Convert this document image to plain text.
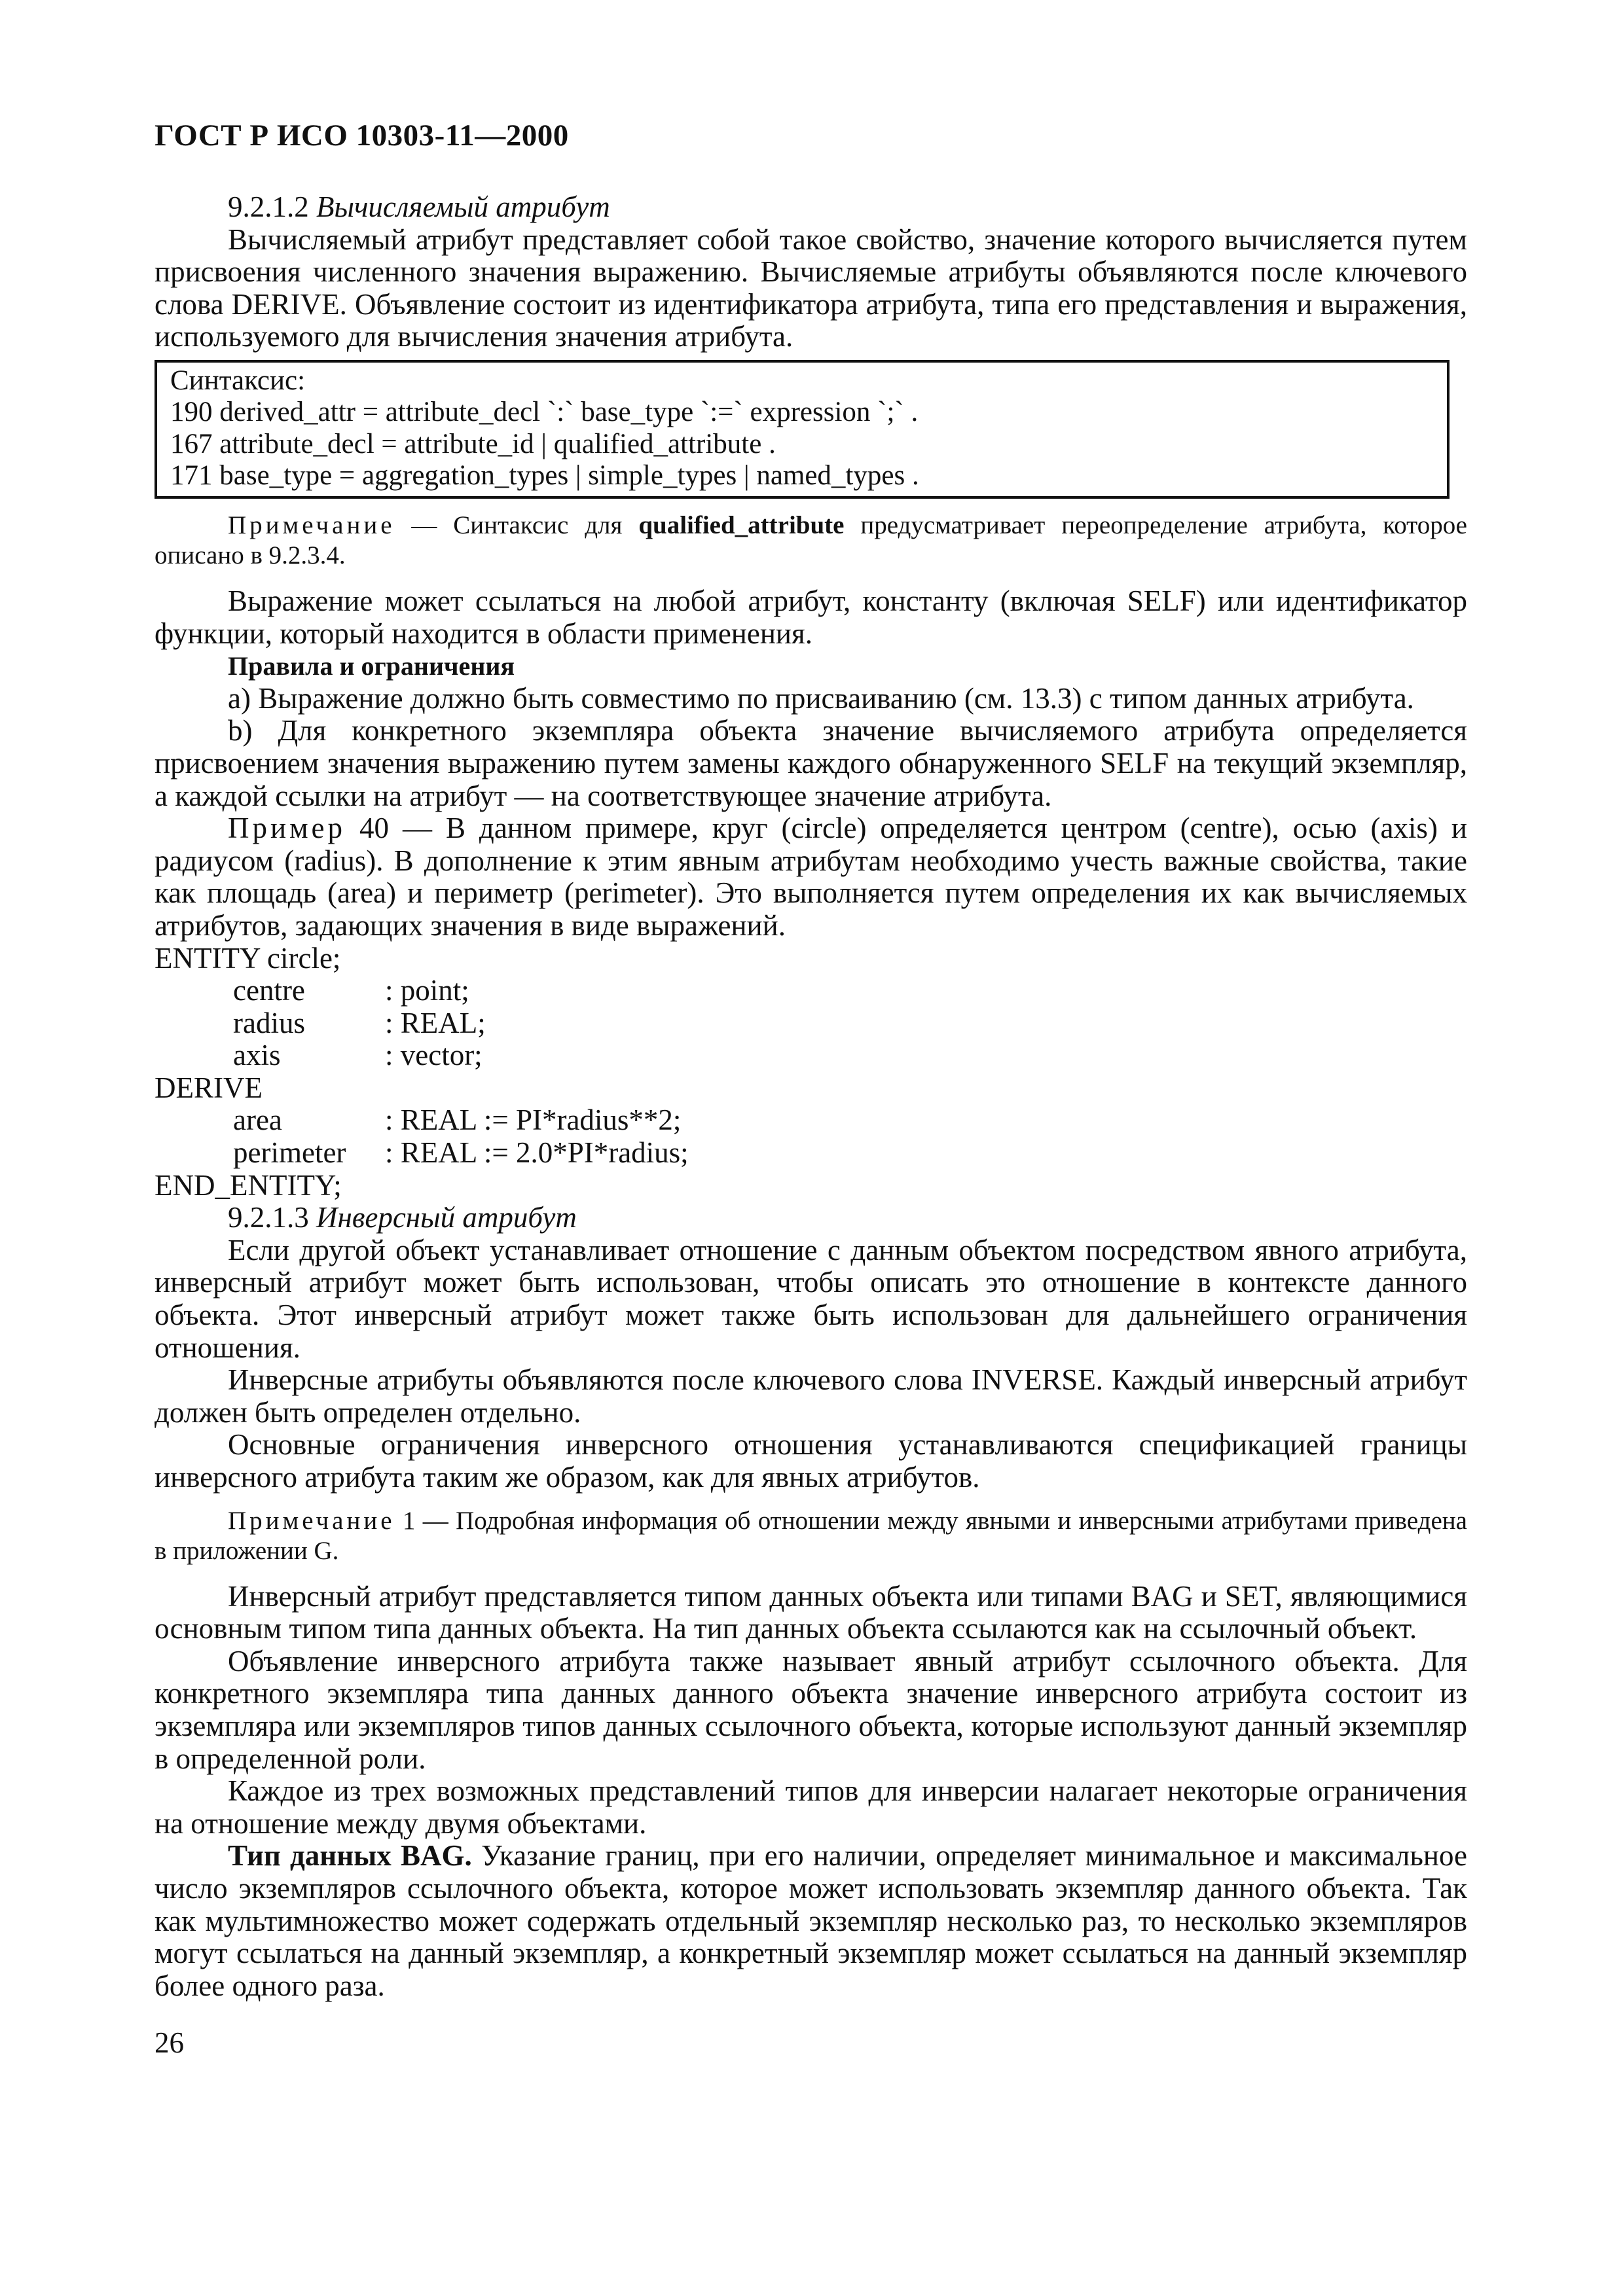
ГОСТ Р ИСО 10303-11—2000

9.2.1.2 Вычисляемый атрибут

Вычисляемый атрибут представляет собой такое свойство, значение которого вычисляется путем присвоения численного значения выражению. Вычисляемые атрибуты объявляются после ключевого слова DERIVE. Объявление состоит из идентификатора атрибута, типа его представления и выражения, используемого для вычисления значения атрибута.

Синтаксис:
190 derived_attr = attribute_decl `:` base_type `:=` expression `;` .
167 attribute_decl = attribute_id | qualified_attribute .
171 base_type = aggregation_types | simple_types | named_types .

Примечание — Синтаксис для qualified_attribute предусматривает переопределение атрибута, которое описано в 9.2.3.4.

Выражение может ссылаться на любой атрибут, константу (включая SELF) или идентификатор функции, который находится в области применения.

Правила и ограничения

a) Выражение должно быть совместимо по присваиванию (см. 13.3) с типом данных атрибута.

b) Для конкретного экземпляра объекта значение вычисляемого атрибута определяется присвоением значения выражению путем замены каждого обнаруженного SELF на текущий экземпляр, а каждой ссылки на атрибут — на соответствующее значение атрибута.

Пример 40 — В данном примере, круг (circle) определяется центром (centre), осью (axis) и радиусом (radius). В дополнение к этим явным атрибутам необходимо учесть важные свойства, такие как площадь (area) и периметр (perimeter). Это выполняется путем определения их как вычисляемых атрибутов, задающих значения в виде выражений.

ENTITY circle;
centre	: point;
radius	: REAL;
axis	: vector;
DERIVE
area	: REAL := PI*radius**2;
perimeter : REAL := 2.0*PI*radius;
END_ENTITY;

9.2.1.3 Инверсный атрибут

Если другой объект устанавливает отношение с данным объектом посредством явного атрибута, инверсный атрибут может быть использован, чтобы описать это отношение в контексте данного объекта. Этот инверсный атрибут может также быть использован для дальнейшего ограничения отношения.

Инверсные атрибуты объявляются после ключевого слова INVERSE. Каждый инверсный атрибут должен быть определен отдельно.

Основные ограничения инверсного отношения устанавливаются спецификацией границы инверсного атрибута таким же образом, как для явных атрибутов.

Примечание 1 — Подробная информация об отношении между явными и инверсными атрибутами приведена в приложении G.

Инверсный атрибут представляется типом данных объекта или типами BAG и SET, являющимися основным типом типа данных объекта. На тип данных объекта ссылаются как на ссылочный объект.

Объявление инверсного атрибута также называет явный атрибут ссылочного объекта. Для конкретного экземпляра типа данных данного объекта значение инверсного атрибута состоит из экземпляра или экземпляров типов данных ссылочного объекта, которые используют данный экземпляр в определенной роли.

Каждое из трех возможных представлений типов для инверсии налагает некоторые ограничения на отношение между двумя объектами.

Тип данных BAG. Указание границ, при его наличии, определяет минимальное и максимальное число экземпляров ссылочного объекта, которое может использовать экземпляр данного объекта. Так как мультимножество может содержать отдельный экземпляр несколько раз, то несколько экземпляров могут ссылаться на данный экземпляр, а конкретный экземпляр может ссылаться на данный экземпляр более одного раза.

26
